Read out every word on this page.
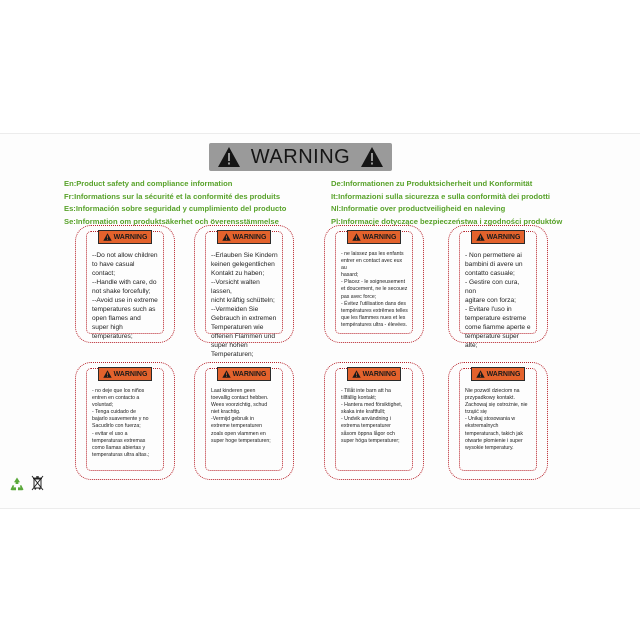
WARNING
En:Product safety and compliance information
Fr:Informations sur la sécurité et la conformité des produits
Es:Información sobre seguridad y cumplimiento del producto
Se:Information om produktsäkerhet och överensstämmelse
De:Informationen zu Produktsicherheit und Konformität
It:Informazioni sulla sicurezza e sulla conformità dei prodotti
Nl:Informatie over productveiligheid en naleving
Pl:Informacje dotyczące bezpieczeństwa i zgodności produktów
WARNING
--Do not allow children
to have casual contact;
--Handle with care, do
not shake forcefully;
--Avoid use in extreme
temperatures such as
open flames and
super high
temperatures;
WARNING
--Erlauben Sie Kindern
keinen gelegentlichen
Kontakt zu haben;
--Vorsicht walten lassen,
nicht kräftig schütteln;
--Vermeiden Sie
Gebrauch in extremen
Temperaturen wie
offenen Flammen und
super hohen
Temperaturen;
WARNING
- ne laissez pas les enfants
entrer en contact avec eux au
hasard;
- Placez - le soigneusement
et doucement, ne le secouez
pas avec force;
- Évitez l'utilisation dans des
températures extrêmes telles
que les flammes nues et les
températures ultra - élevées.
WARNING
- Non permettere ai
bambini di avere un
contatto casuale;
- Gestire con cura, non
agitare con forza;
- Evitare l'uso in
temperature estreme
come fiamme aperte e
temperature super alte;
WARNING
- no deje que los niños
entren en contacto a
voluntad;
- Tenga cuidado de
bajarlo suavemente y no
Sacudirlo con fuerza;
- evitar el uso a
temperaturas extremas
como llamas abiertas y
temperaturas ultra altas.;
WARNING
Laat kinderen geen
toevallig contact hebben.
Wees voorzichtig, schud
niet krachtig.
-Vermijd gebruik in
extreme temperaturen
zoals open vlammen en
super hoge temperaturen;
WARNING
- Tillåt inte barn att ha
tillfällig kontakt;
- Hantera med försiktighet,
skaka inte kraftfullt;
- Undvik användning i
extrema temperaturer
såsom öppna lågor och
super höga temperaturer;
WARNING
Nie pozwól dzieciom na
przypadkowy kontakt.
Zachowaj się ostrożnie, nie
trząść się
- Unikaj stosowania w
ekstremalnych
temperaturach, takich jak
otwarte płomienie i super
wysokie temperatury.
